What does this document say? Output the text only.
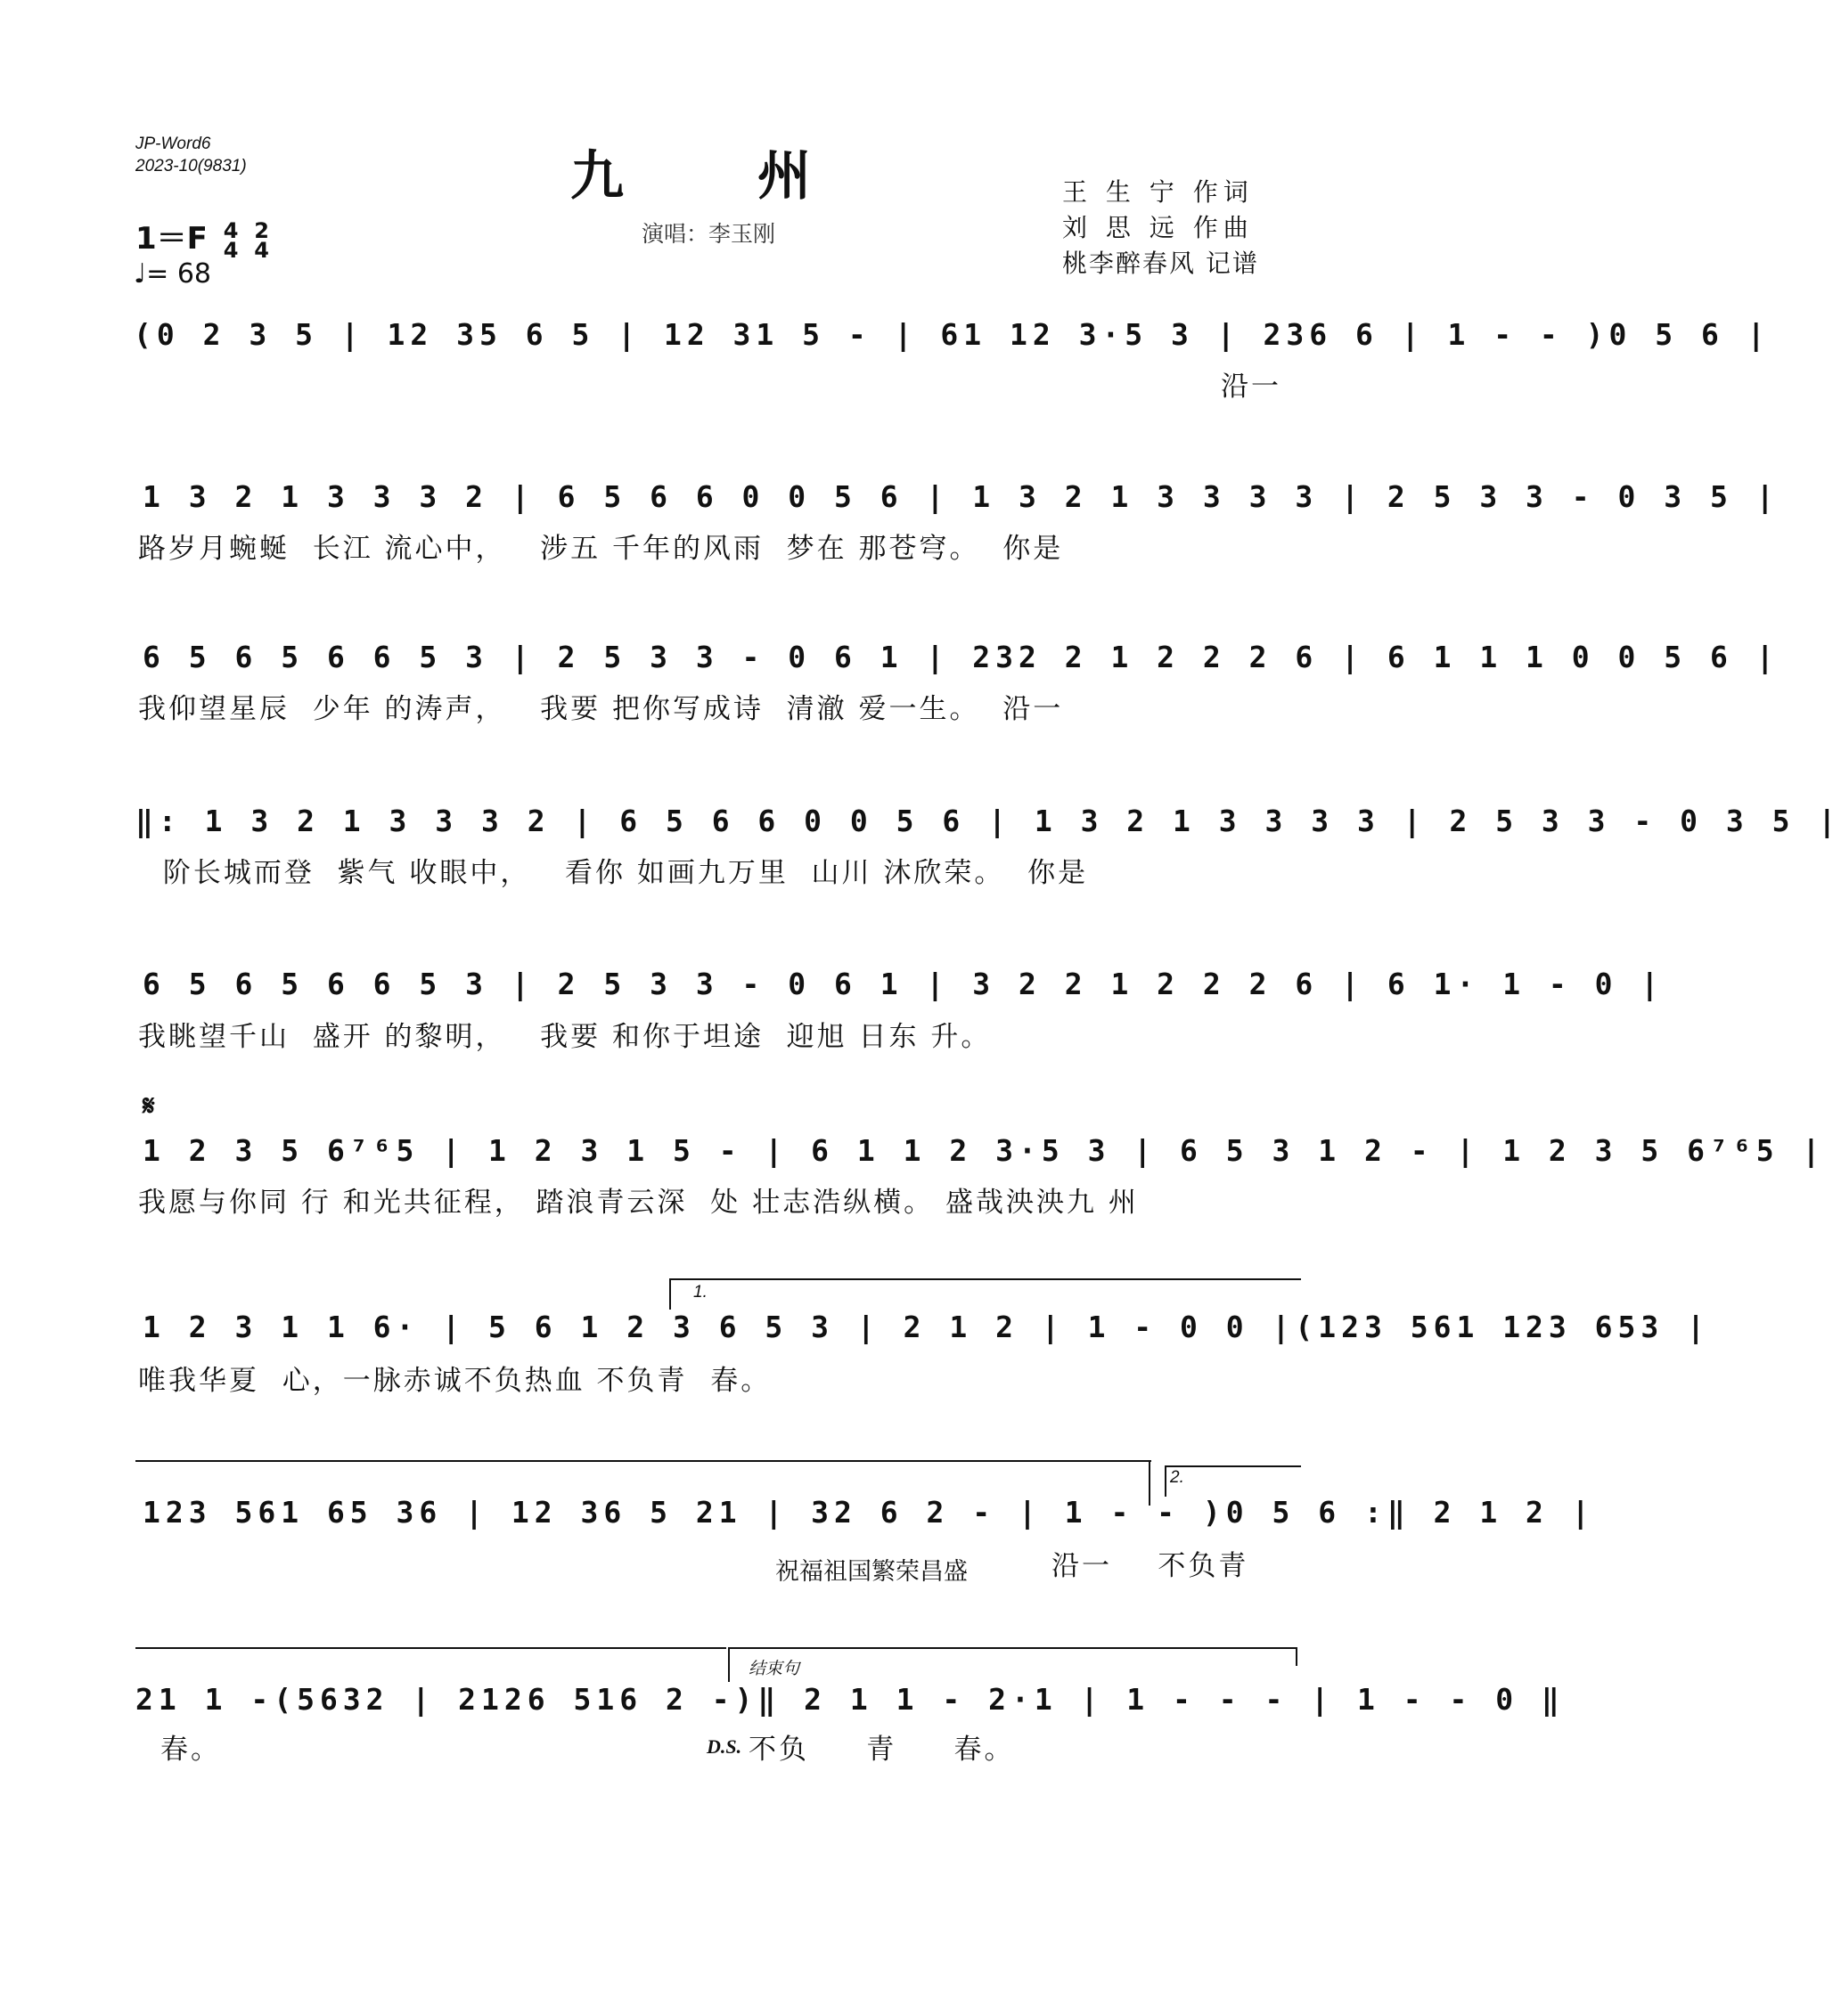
JP-Word6
2023-10(9831)	九州
演唱：李玉刚
王 生 宁 作词
刘 思 远 作曲
桃李醉春风 记谱
1＝F 4
4 2
4
♩= 68
(0 2 3 5 | 12 35 6 5 | 12 31 5 - | 61 12 3·5 3 | 236 6 | 1 - - )0 5 6 |
沿一
1 3 2 1 3 3 3 2 | 6 5 6 6 0 0 5 6 | 1 3 2 1 3 3 3 3 | 2 5 3 3 - 0 3 5 |
路岁月蜿蜒  长江 流心中，   涉五 千年的风雨  梦在 那苍穹。  你是
6 5 6 5 6 6 5 3 | 2 5 3 3 - 0 6 1 | 232 2 1 2 2 2 6 | 6 1 1 1 0 0 5 6 |
我仰望星辰  少年 的涛声，   我要 把你写成诗  清澈 爱一生。  沿一
‖: 1 3 2 1 3 3 3 2 | 6 5 6 6 0 0 5 6 | 1 3 2 1 3 3 3 3 | 2 5 3 3 - 0 3 5 |
阶长城而登  紫气 收眼中，   看你 如画九万里  山川 沐欣荣。  你是
6 5 6 5 6 6 5 3 | 2 5 3 3 - 0 6 1 | 3 2 2 1 2 2 2 6 | 6 1· 1 - 0 |
我眺望千山  盛开 的黎明，   我要 和你于坦途  迎旭 日东 升。
𝄋
1 2 3 5 6⁷⁶5 | 1 2 3 1 5 - | 6 1 1 2 3·5 3 | 6 5 3 1 2 - | 1 2 3 5 6⁷⁶5 |
我愿与你同 行 和光共征程， 踏浪青云深  处 壮志浩纵横。 盛哉泱泱九 州
1.
1 2 3 1 1 6· | 5 6 1 2 3 6 5 3 | 2 1 2 | 1 - 0 0 |(123 561 123 653 |
唯我华夏  心，一脉赤诚不负热血 不负青  春。
2.
123 561 65 36 | 12 36 5 21 | 32 6 2 - | 1 - - )0 5 6 :‖ 2 1 2 |
祝福祖国繁荣昌盛	沿一    不负青
结束句
21 1 -(5632 | 2126 516 2 -)‖ 2 1 1 - 2·1 | 1 - - - | 1 - - 0 ‖
春。	D.S. 不负     青     春。
